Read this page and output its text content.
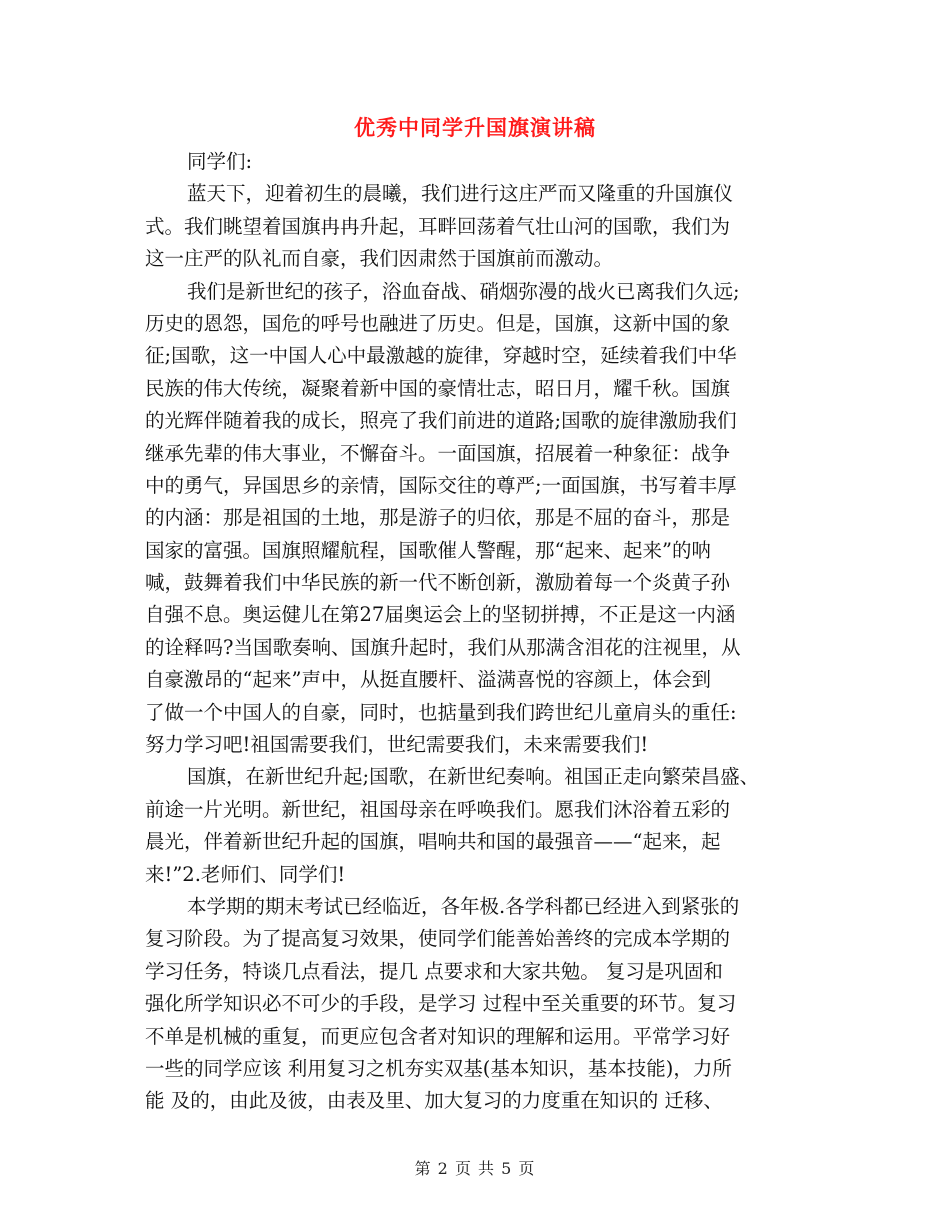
优秀中同学升国旗演讲稿
同学们:
蓝天下，迎着初生的晨曦，我们进行这庄严而又隆重的升国旗仪
式。我们眺望着国旗冉冉升起，耳畔回荡着气壮山河的国歌，我们为
这一庄严的队礼而自豪，我们因肃然于国旗前而激动。
我们是新世纪的孩子，浴血奋战、硝烟弥漫的战火已离我们久远;
历史的恩怨，国危的呼号也融进了历史。但是，国旗，这新中国的象
征;国歌，这一中国人心中最激越的旋律，穿越时空，延续着我们中华
民族的伟大传统，凝聚着新中国的豪情壮志，昭日月，耀千秋。国旗
的光辉伴随着我的成长，照亮了我们前进的道路;国歌的旋律激励我们
继承先辈的伟大事业，不懈奋斗。一面国旗，招展着一种象征：战争
中的勇气，异国思乡的亲情，国际交往的尊严;一面国旗，书写着丰厚
的内涵：那是祖国的土地，那是游子的归依，那是不屈的奋斗，那是
国家的富强。国旗照耀航程，国歌催人警醒，那“起来、起来”的呐
喊，鼓舞着我们中华民族的新一代不断创新，激励着每一个炎黄子孙
自强不息。奥运健儿在第27届奥运会上的坚韧拼搏，不正是这一内涵
的诠释吗?当国歌奏响、国旗升起时，我们从那满含泪花的注视里，从
自豪激昂的“起来”声中，从挺直腰杆、溢满喜悦的容颜上，体会到
了做一个中国人的自豪，同时，也掂量到我们跨世纪儿童肩头的重任:
努力学习吧!祖国需要我们，世纪需要我们，未来需要我们!
国旗，在新世纪升起;国歌，在新世纪奏响。祖国正走向繁荣昌盛、
前途一片光明。新世纪，祖国母亲在呼唤我们。愿我们沐浴着五彩的
晨光，伴着新世纪升起的国旗，唱响共和国的最强音——“起来，起
来!”2.老师们、同学们!
本学期的期末考试已经临近，各年极.各学科都已经进入到紧张的
复习阶段。为了提高复习效果，使同学们能善始善终的完成本学期的
学习任务，特谈几点看法，提几 点要求和大家共勉。 复习是巩固和
强化所学知识必不可少的手段，是学习 过程中至关重要的环节。复习
不单是机械的重复，而更应包含者对知识的理解和运用。平常学习好
一些的同学应该 利用复习之机夯实双基(基本知识，基本技能)，力所
能 及的，由此及彼，由表及里、加大复习的力度重在知识的 迁移、
第 2 页 共 5 页
